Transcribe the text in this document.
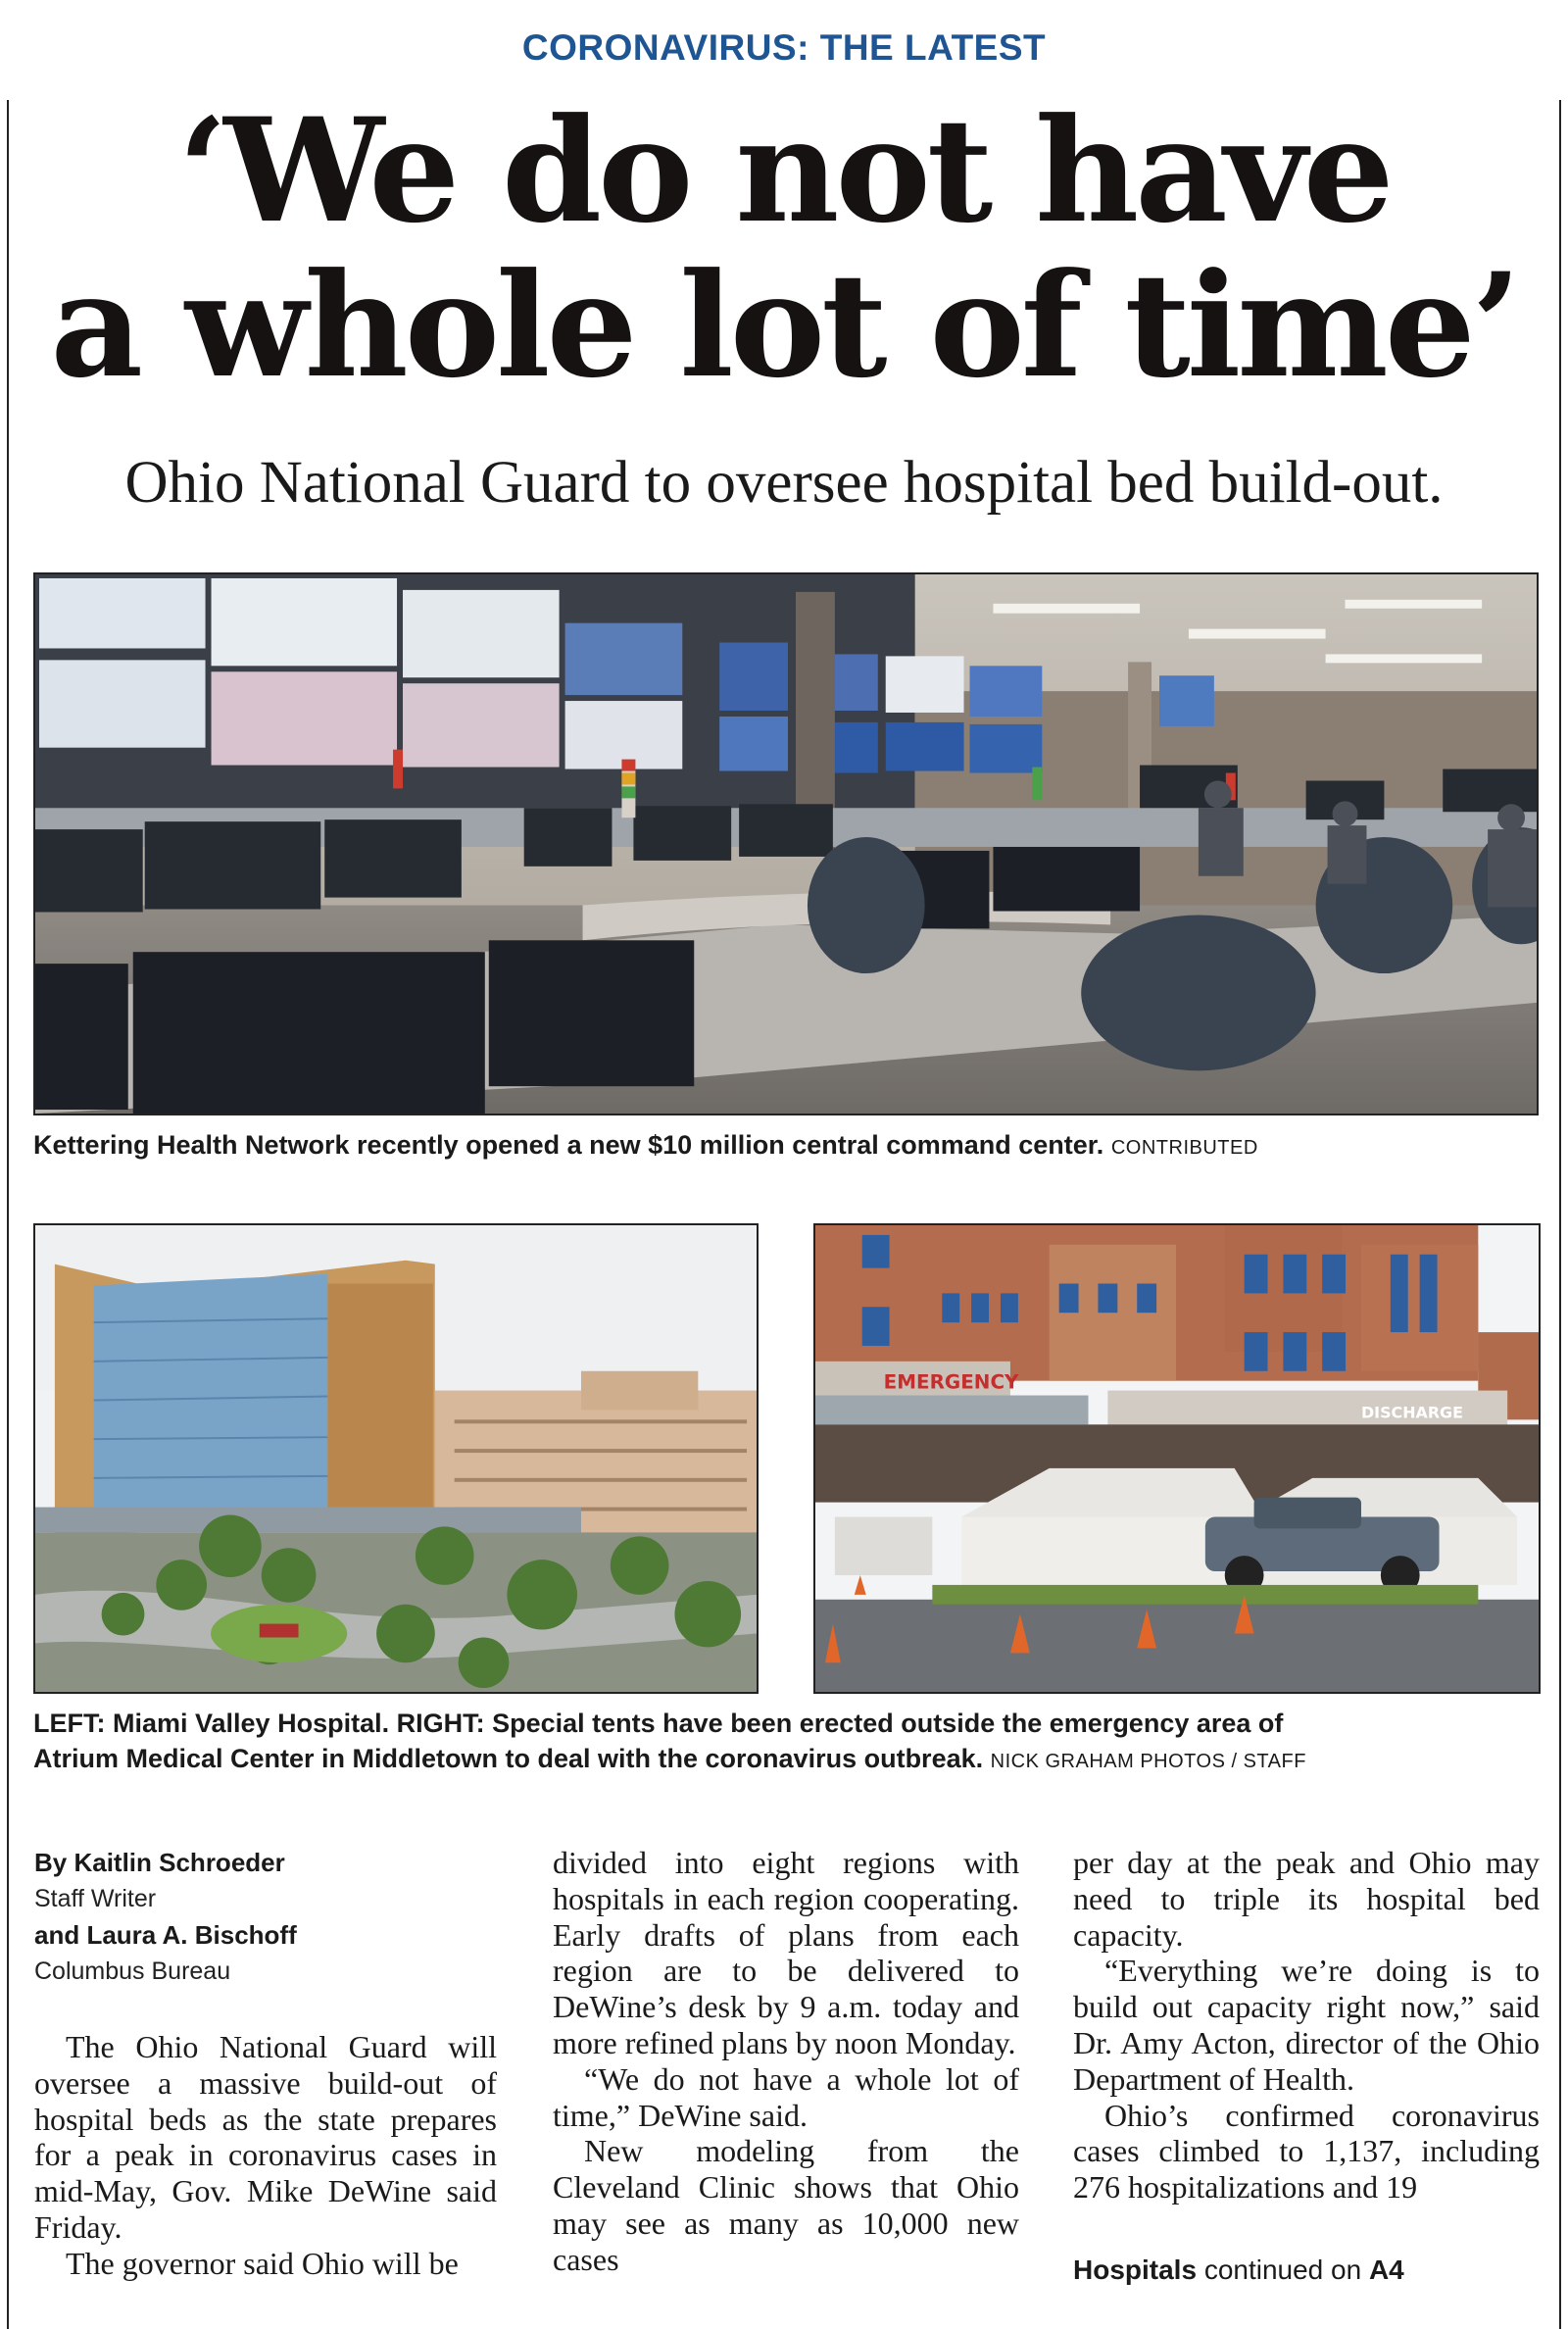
CORONAVIRUS: THE LATEST
‘We do not have
a whole lot of time’
Ohio National Guard to oversee hospital bed build-out.
Kettering Health Network recently opened a new $10 million central command center. CONTRIBUTED
EMERGENCY
DISCHARGE
LEFT: Miami Valley Hospital. RIGHT: Special tents have been erected outside the emergency area of
Atrium Medical Center in Middletown to deal with the coronavirus outbreak. NICK GRAHAM PHOTOS / STAFF
By Kaitlin Schroeder
Staff Writer
and Laura A. Bischoff
Columbus Bureau

The Ohio National Guard will oversee a massive build-out of hospital beds as the state prepares for a peak in coronavirus cases in mid-May, Gov. Mike DeWine said Friday.

The governor said Ohio will be

divided into eight regions with hospitals in each region cooperating. Early drafts of plans from each region are to be delivered to DeWine’s desk by 9 a.m. today and more refined plans by noon Monday.

“We do not have a whole lot of time,” DeWine said.

New modeling from the Cleveland Clinic shows that Ohio may see as many as 10,000 new cases

per day at the peak and Ohio may need to triple its hospital bed capacity.

“Everything we’re doing is to build out capacity right now,” said Dr. Amy Acton, director of the Ohio Department of Health.

Ohio’s confirmed coronavirus cases climbed to 1,137, including 276 hospitalizations and 19

Hospitals continued on A4
